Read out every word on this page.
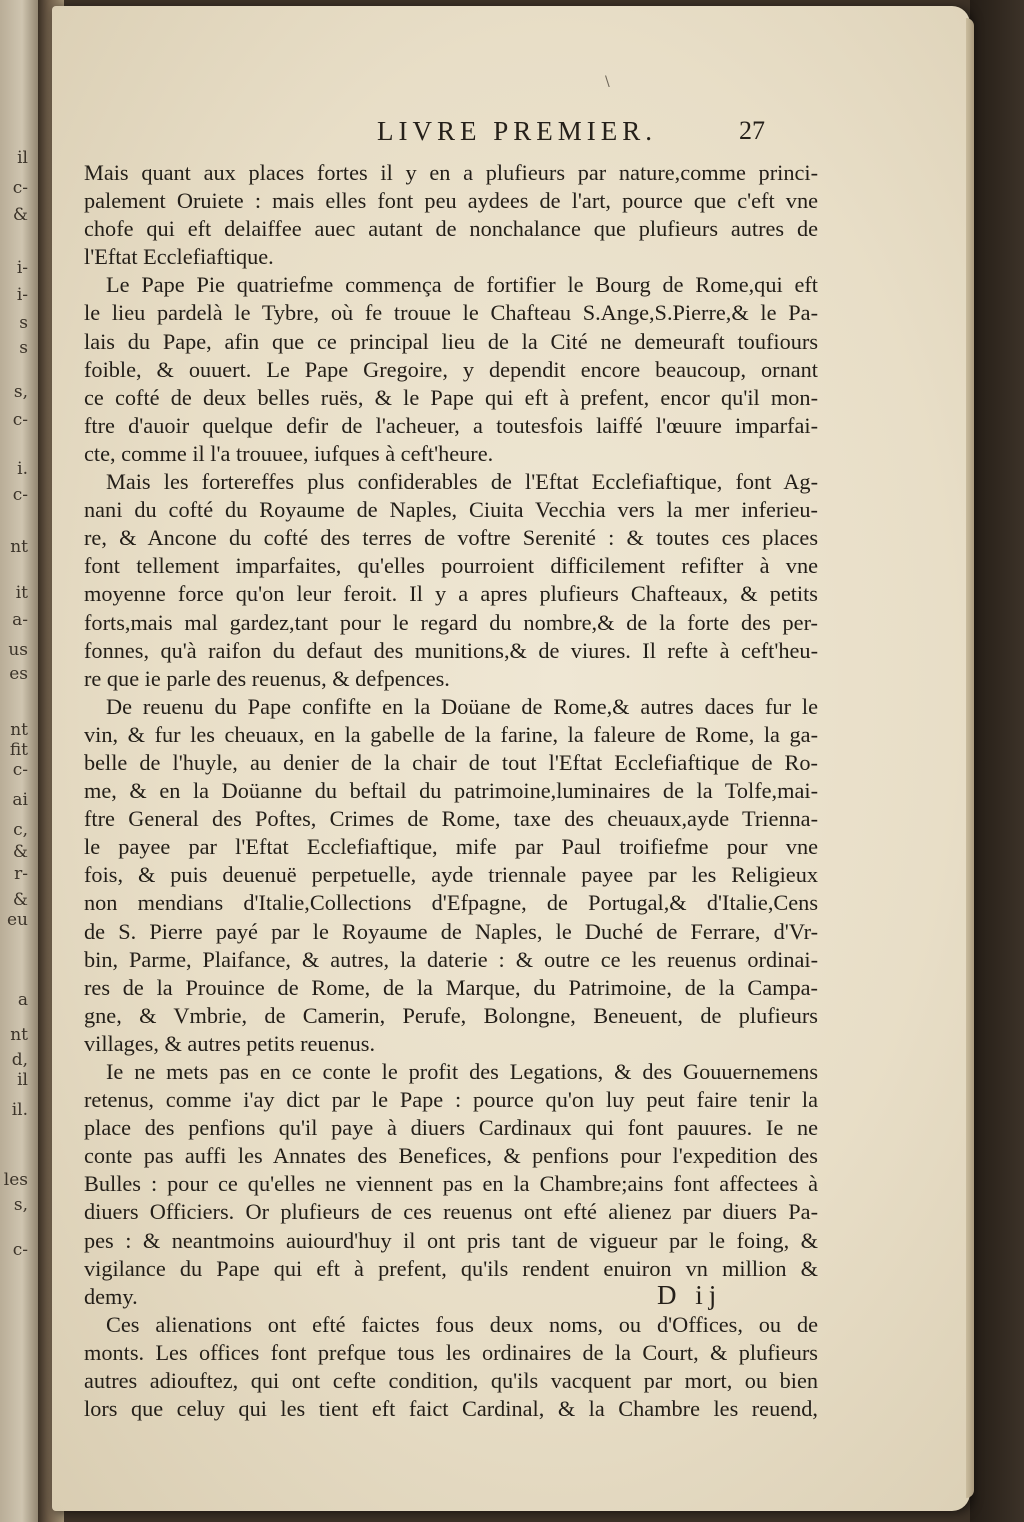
il
c-
&
i-
i-
s
s
s,
c-
i.
c-
nt
it
a-
us
es
nt
fit
c-
ai
c,
&
r-
&
eu
a
nt
d,
il
il.
les
s,
c-
\
LIVRE PREMIER.	27
Mais quant aux places fortes il y en a plufieurs par nature,comme princi-
palement Oruiete : mais elles font peu aydees de l'art, pource que c'eft vne
chofe qui eft delaiffee auec autant de nonchalance que plufieurs autres de
l'Eftat Ecclefiaftique.
Le Pape Pie quatriefme commença de fortifier le Bourg de Rome,qui eft
le lieu pardelà le Tybre, où fe trouue le Chafteau S.Ange,S.Pierre,& le Pa-
lais du Pape, afin que ce principal lieu de la Cité ne demeuraft toufiours
foible, & ouuert. Le Pape Gregoire, y dependit encore beaucoup, ornant
ce cofté de deux belles ruës, & le Pape qui eft à prefent, encor qu'il mon-
ftre d'auoir quelque defir de l'acheuer, a toutesfois laiffé l'œuure imparfai-
cte, comme il l'a trouuee, iufques à ceft'heure.
Mais les fortereffes plus confiderables de l'Eftat Ecclefiaftique, font Ag-
nani du cofté du Royaume de Naples, Ciuita Vecchia vers la mer inferieu-
re, & Ancone du cofté des terres de voftre Serenité : & toutes ces places
font tellement imparfaites, qu'elles pourroient difficilement refifter à vne
moyenne force qu'on leur feroit. Il y a apres plufieurs Chafteaux, & petits
forts,mais mal gardez,tant pour le regard du nombre,& de la forte des per-
fonnes, qu'à raifon du defaut des munitions,& de viures. Il refte à ceft'heu-
re que ie parle des reuenus, & defpences.
De reuenu du Pape confifte en la Doüane de Rome,& autres daces fur le
vin, & fur les cheuaux, en la gabelle de la farine, la faleure de Rome, la ga-
belle de l'huyle, au denier de la chair de tout l'Eftat Ecclefiaftique de Ro-
me, & en la Doüanne du beftail du patrimoine,luminaires de la Tolfe,mai-
ftre General des Poftes, Crimes de Rome, taxe des cheuaux,ayde Trienna-
le payee par l'Eftat Ecclefiaftique, mife par Paul troifiefme pour vne
fois, & puis deuenuë perpetuelle, ayde triennale payee par les Religieux
non mendians d'Italie,Collections d'Efpagne, de Portugal,& d'Italie,Cens
de S. Pierre payé par le Royaume de Naples, le Duché de Ferrare, d'Vr-
bin, Parme, Plaifance, & autres, la daterie : & outre ce les reuenus ordinai-
res de la Prouince de Rome, de la Marque, du Patrimoine, de la Campa-
gne, & Vmbrie, de Camerin, Perufe, Bolongne, Beneuent, de plufieurs
villages, & autres petits reuenus.
Ie ne mets pas en ce conte le profit des Legations, & des Gouuernemens
retenus, comme i'ay dict par le Pape : pource qu'on luy peut faire tenir la
place des penfions qu'il paye à diuers Cardinaux qui font pauures. Ie ne
conte pas auffi les Annates des Benefices, & penfions pour l'expedition des
Bulles : pour ce qu'elles ne viennent pas en la Chambre;ains font affectees à
diuers Officiers. Or plufieurs de ces reuenus ont efté alienez par diuers Pa-
pes : & neantmoins auiourd'huy il ont pris tant de vigueur par le foing, &
vigilance du Pape qui eft à prefent, qu'ils rendent enuiron vn million &
demy.
Ces alienations ont efté faictes fous deux noms, ou d'Offices, ou de
monts. Les offices font prefque tous les ordinaires de la Court, & plufieurs
autres adiouftez, qui ont cefte condition, qu'ils vacquent par mort, ou bien
lors que celuy qui les tient eft faict Cardinal, & la Chambre les reuend,
D ij
